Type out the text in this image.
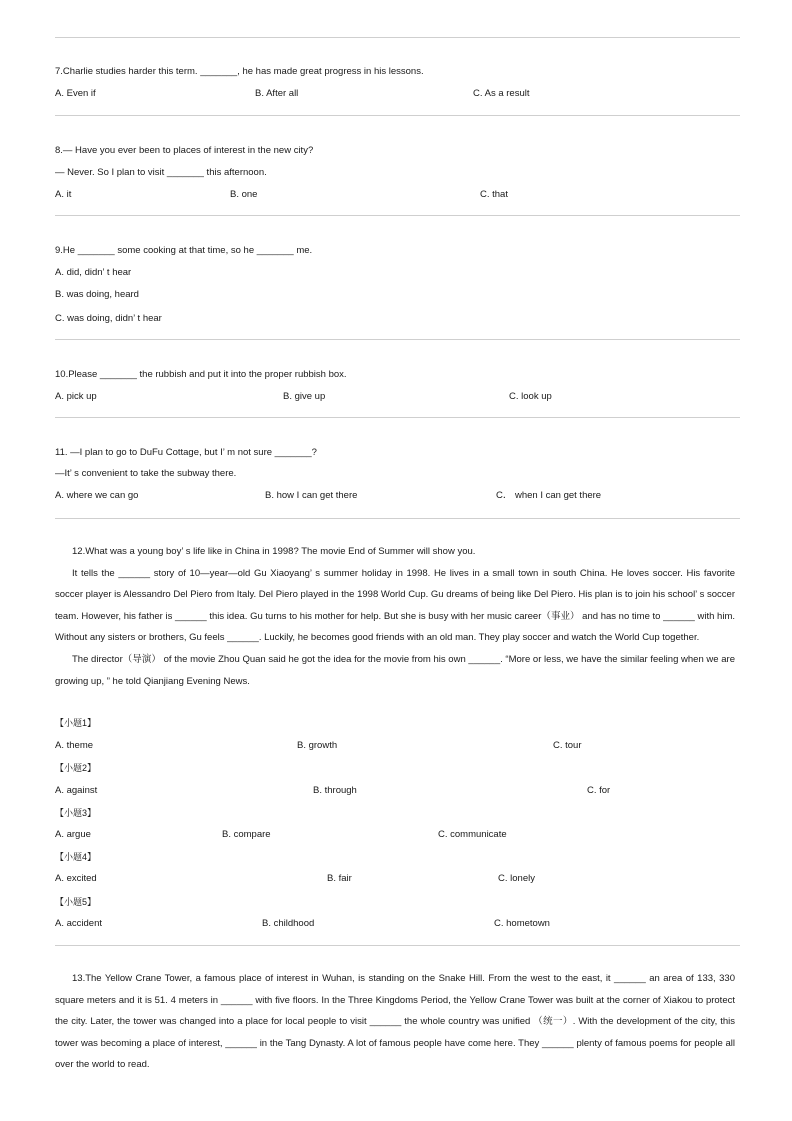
7.Charlie studies harder this term. _______, he has made great progress in his lessons.
A. Even if	B. After all	C. As a result
8.— Have you ever been to places of interest in the new city?
— Never. So I plan to visit _______ this afternoon.
A. it	B. one	C. that
9.He _______ some cooking at that time, so he _______ me.
A. did, didn’ t hear
B. was doing, heard
C. was doing, didn’ t hear
10.Please _______ the rubbish and put it into the proper rubbish box.
A. pick up	B. give up	C. look up
11. —I plan to go to DuFu Cottage, but I’ m not sure _______?
—It’ s convenient to take the subway there.
A. where we can go	B. how I can get there	C． when I can get there
12.What was a young boy’ s life like in China in 1998? The movie End of Summer will show you.
It tells the ______ story of 10—year—old Gu Xiaoyang’ s summer holiday in 1998. He lives in a small town in south China. He loves soccer. His favorite soccer player is Alessandro Del Piero from Italy. Del Piero played in the 1998 World Cup. Gu dreams of being like Del Piero. His plan is to join his school’ s soccer team. However, his father is ______ this idea. Gu turns to his mother for help. But she is busy with her music career（事业） and has no time to ______ with him. Without any sisters or brothers, Gu feels ______. Luckily, he becomes good friends with an old man. They play soccer and watch the World Cup together.
The director（导演） of the movie Zhou Quan said he got the idea for the movie from his own ______. “More or less, we have the similar feeling when we are growing up, ” he told Qianjiang Evening News.
【小题1】
A. theme	B. growth	C. tour
【小题2】
A. against	B. through	C. for
【小题3】
A. argue	B. compare	C. communicate
【小题4】
A. excited	B. fair	C. lonely
【小题5】
A. accident	B. childhood	C. hometown
13.The Yellow Crane Tower, a famous place of interest in Wuhan, is standing on the Snake Hill. From the west to the east, it ______ an area of 133, 330 square meters and it is 51. 4 meters in ______ with five floors. In the Three Kingdoms Period, the Yellow Crane Tower was built at the corner of Xiakou to protect the city. Later, the tower was changed into a place for local people to visit ______ the whole country was unified （统一）. With the development of the city, this tower was becoming a place of interest, ______ in the Tang Dynasty. A lot of famous people have come here. They ______ plenty of famous poems for people all over the world to read.
